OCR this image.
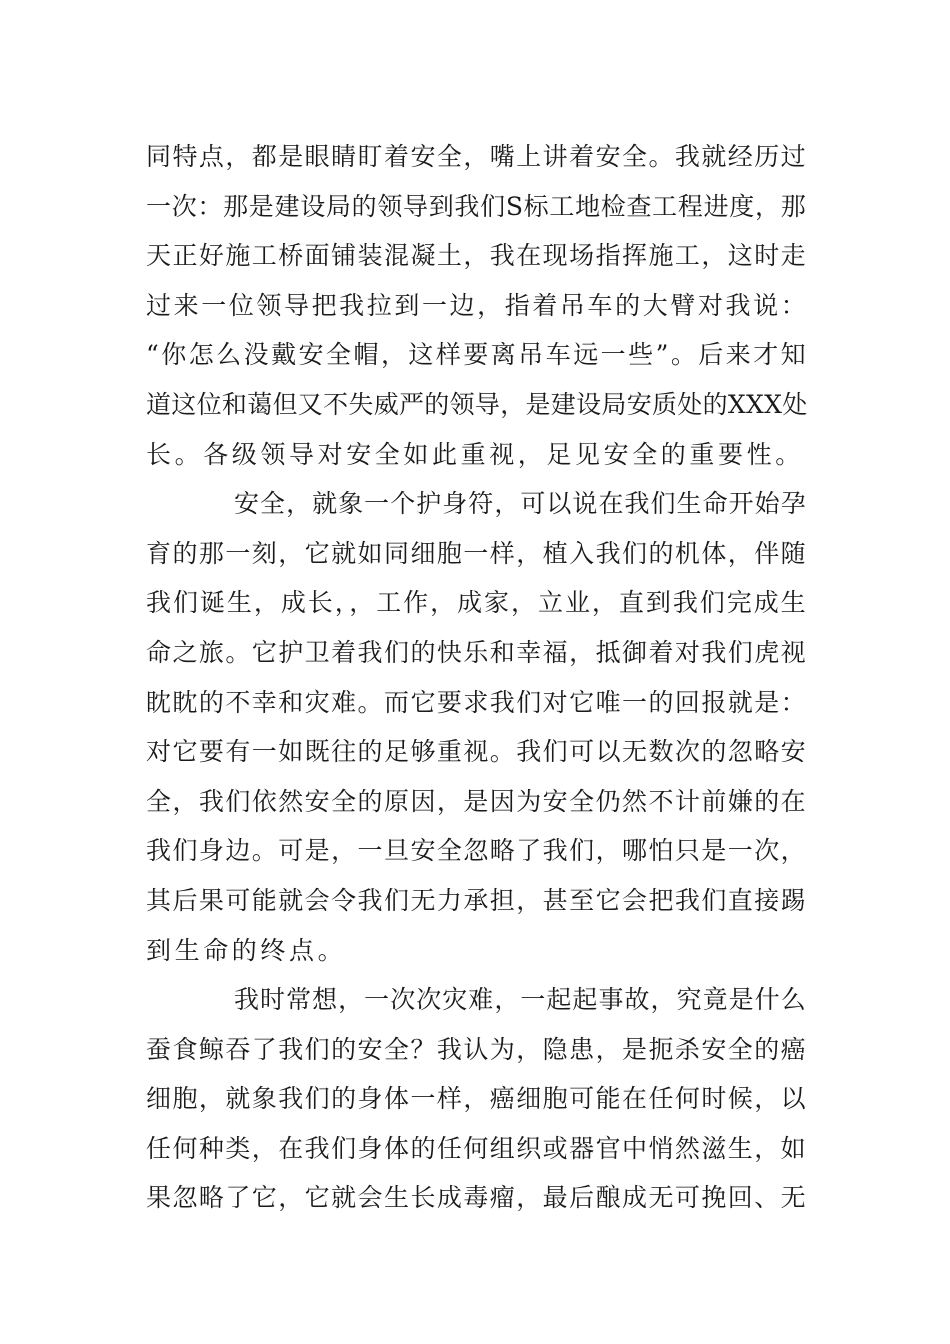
同特点，都是眼睛盯着安全，嘴上讲着安全。我就经历过
一次：那是建设局的领导到我们S标工地检查工程进度，那
天正好施工桥面铺装混凝土，我在现场指挥施工，这时走
过来一位领导把我拉到一边，指着吊车的大臂对我说：
“你怎么没戴安全帽，这样要离吊车远一些”。后来才知
道这位和蔼但又不失威严的领导，是建设局安质处的XXX处
长。各级领导对安全如此重视，足见安全的重要性。
安全，就象一个护身符，可以说在我们生命开始孕
育的那一刻，它就如同细胞一样，植入我们的机体，伴随
我们诞生，成长，，工作，成家，立业，直到我们完成生
命之旅。它护卫着我们的快乐和幸福，抵御着对我们虎视
眈眈的不幸和灾难。而它要求我们对它唯一的回报就是：
对它要有一如既往的足够重视。我们可以无数次的忽略安
全，我们依然安全的原因，是因为安全仍然不计前嫌的在
我们身边。可是，一旦安全忽略了我们，哪怕只是一次，
其后果可能就会令我们无力承担，甚至它会把我们直接踢
到生命的终点。
我时常想，一次次灾难，一起起事故，究竟是什么
蚕食鲸吞了我们的安全？我认为，隐患，是扼杀安全的癌
细胞，就象我们的身体一样，癌细胞可能在任何时候，以
任何种类，在我们身体的任何组织或器官中悄然滋生，如
果忽略了它，它就会生长成毒瘤，最后酿成无可挽回、无
